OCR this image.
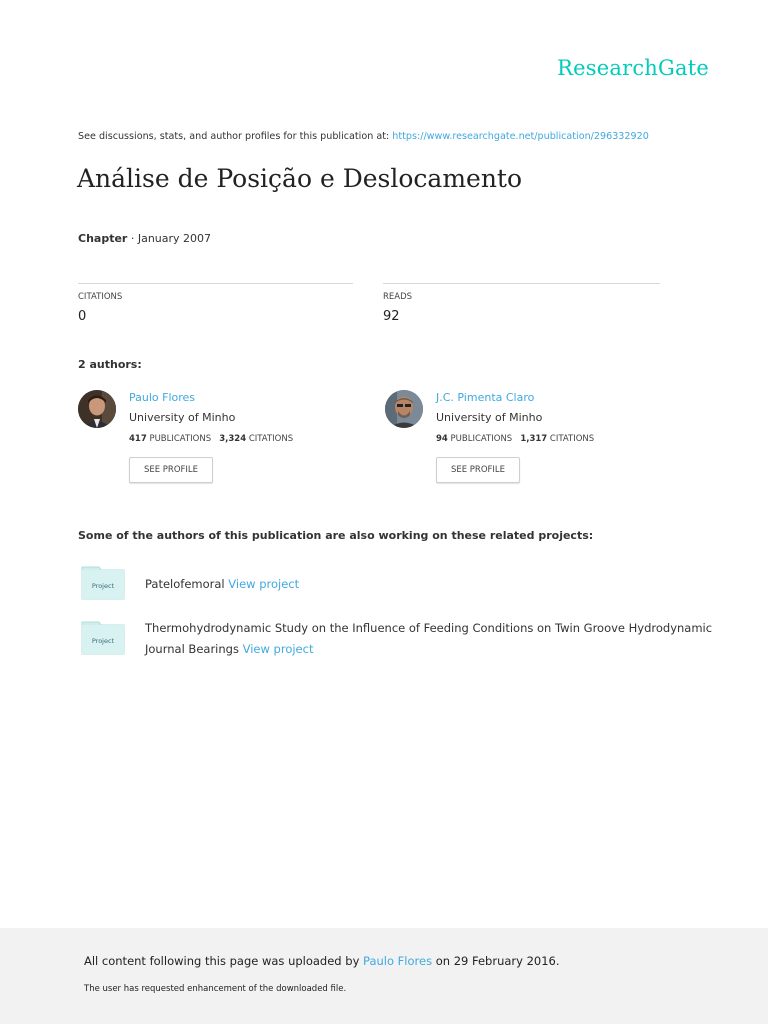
ResearchGate
See discussions, stats, and author profiles for this publication at: https://www.researchgate.net/publication/296332920
Análise de Posição e Deslocamento
Chapter · January 2007
CITATIONS
0
READS
92
2 authors:
Paulo Flores
University of Minho
417 PUBLICATIONS 3,324 CITATIONS
SEE PROFILE
J.C. Pimenta Claro
University of Minho
94 PUBLICATIONS 1,317 CITATIONS
SEE PROFILE
Some of the authors of this publication are also working on these related projects:
Project	Patelofemoral View project
Project
Thermohydrodynamic Study on the Influence of Feeding Conditions on Twin Groove Hydrodynamic
Journal Bearings View project
All content following this page was uploaded by Paulo Flores on 29 February 2016.
The user has requested enhancement of the downloaded file.
